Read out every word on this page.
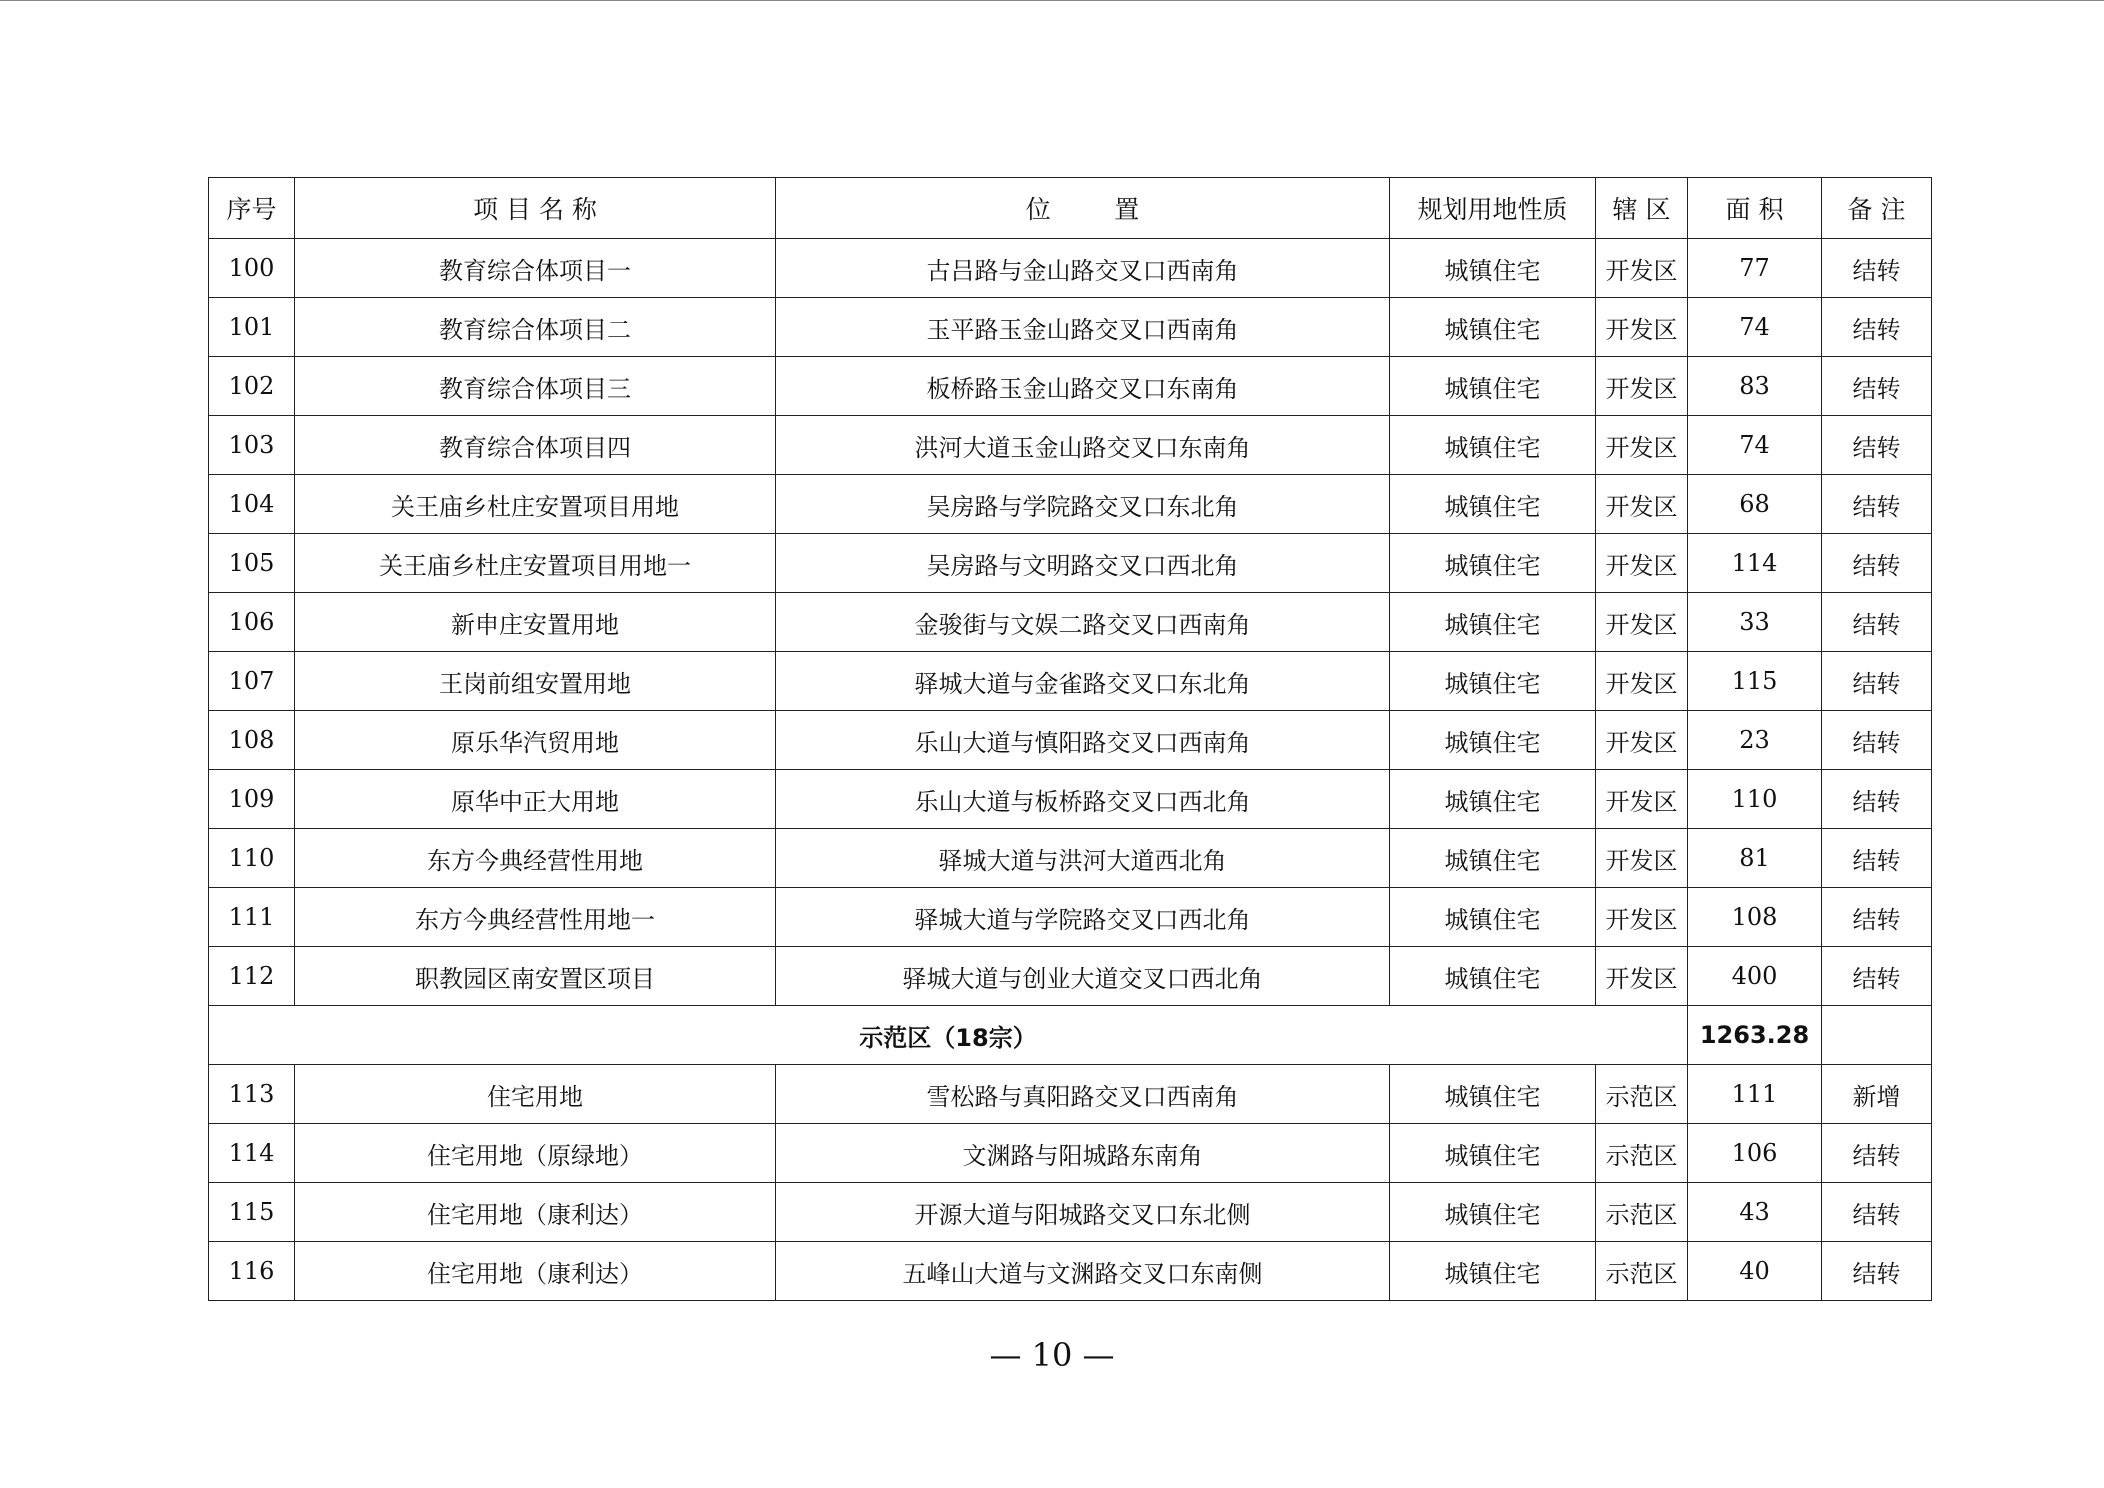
序号	项 目 名 称	位        置	规划用地性质	辖 区	面 积	备 注
100	教育综合体项目一	古吕路与金山路交叉口西南角	城镇住宅	开发区	77	结转
101	教育综合体项目二	玉平路玉金山路交叉口西南角	城镇住宅	开发区	74	结转
102	教育综合体项目三	板桥路玉金山路交叉口东南角	城镇住宅	开发区	83	结转
103	教育综合体项目四	洪河大道玉金山路交叉口东南角	城镇住宅	开发区	74	结转
104	关王庙乡杜庄安置项目用地	吴房路与学院路交叉口东北角	城镇住宅	开发区	68	结转
105	关王庙乡杜庄安置项目用地一	吴房路与文明路交叉口西北角	城镇住宅	开发区	114	结转
106	新申庄安置用地	金骏街与文娱二路交叉口西南角	城镇住宅	开发区	33	结转
107	王岗前组安置用地	驿城大道与金雀路交叉口东北角	城镇住宅	开发区	115	结转
108	原乐华汽贸用地	乐山大道与慎阳路交叉口西南角	城镇住宅	开发区	23	结转
109	原华中正大用地	乐山大道与板桥路交叉口西北角	城镇住宅	开发区	110	结转
110	东方今典经营性用地	驿城大道与洪河大道西北角	城镇住宅	开发区	81	结转
111	东方今典经营性用地一	驿城大道与学院路交叉口西北角	城镇住宅	开发区	108	结转
112	职教园区南安置区项目	驿城大道与创业大道交叉口西北角	城镇住宅	开发区	400	结转
示范区（18宗）					1263.28	
113	住宅用地	雪松路与真阳路交叉口西南角	城镇住宅	示范区	111	新增
114	住宅用地（原绿地）	文渊路与阳城路东南角	城镇住宅	示范区	106	结转
115	住宅用地（康利达）	开源大道与阳城路交叉口东北侧	城镇住宅	示范区	43	结转
116	住宅用地（康利达）	五峰山大道与文渊路交叉口东南侧	城镇住宅	示范区	40	结转
— 10 —
